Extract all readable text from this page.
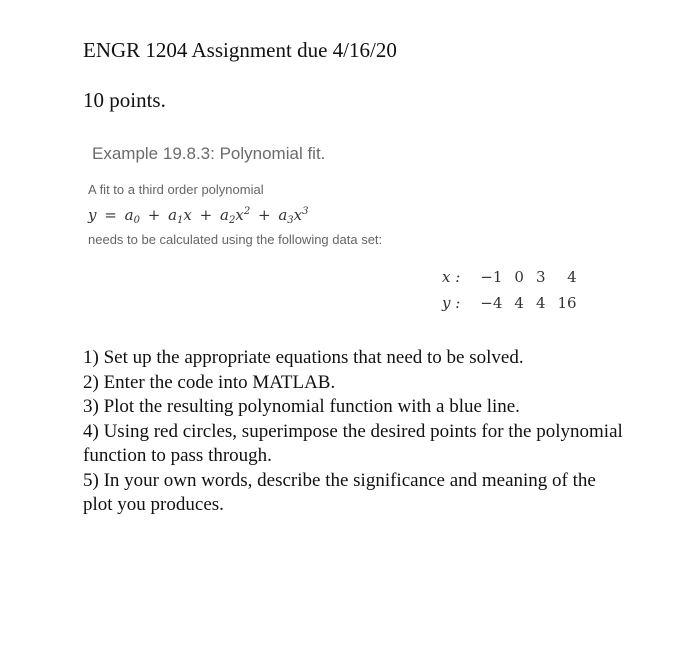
ENGR 1204 Assignment due 4/16/20
10 points.
Example 19.8.3: Polynomial fit.
A fit to a third order polynomial
$y = a_0 + a_1x + a_2x^2 + a_3x^3$
needs to be calculated using the following data set:
x :	−1	0	3	4
y :	−4	4	4	16

1) Set up the appropriate equations that need to be solved.

2) Enter the code into MATLAB.

3) Plot the resulting polynomial function with a blue line.

4) Using red circles, superimpose the desired points for the polynomial function to pass through.

5) In your own words, describe the significance and meaning of the plot you produces.
